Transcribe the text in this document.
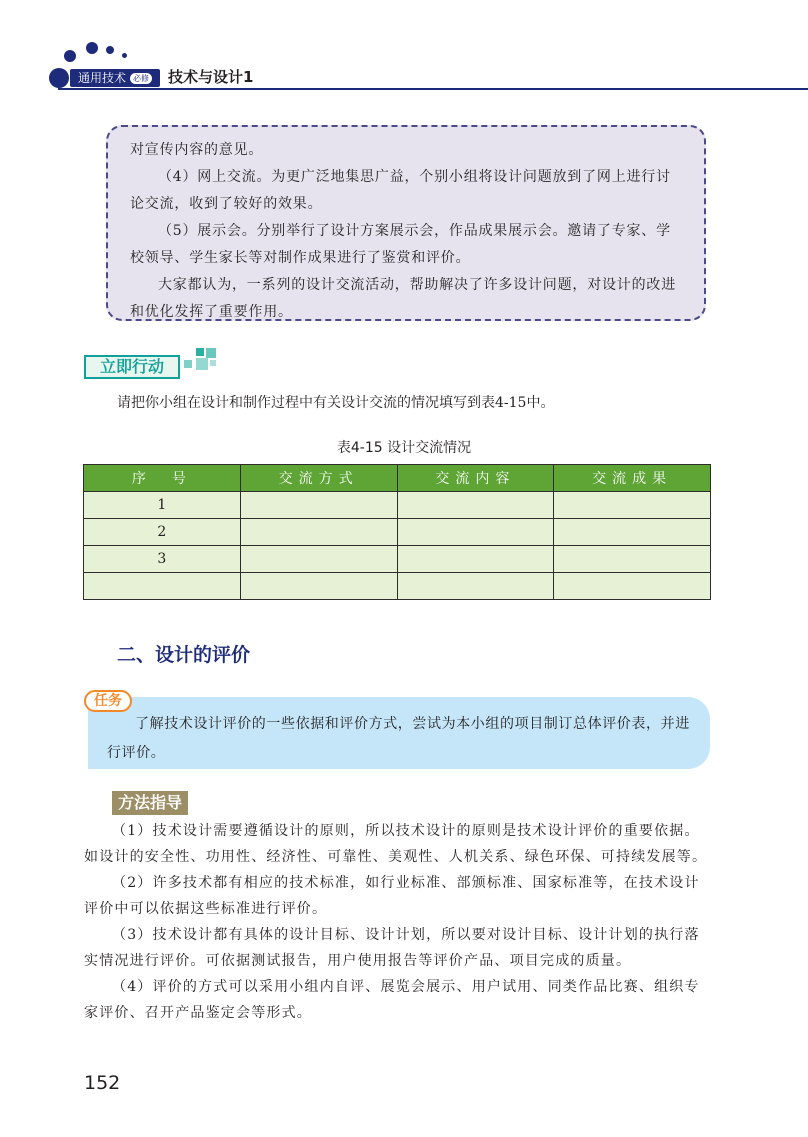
通用技术 必修 技术与设计1

对宣传内容的意见。

（4）网上交流。为更广泛地集思广益，个别小组将设计问题放到了网上进行讨论交流，收到了较好的效果。

（5）展示会。分别举行了设计方案展示会，作品成果展示会。邀请了专家、学校领导、学生家长等对制作成果进行了鉴赏和评价。

大家都认为，一系列的设计交流活动，帮助解决了许多设计问题，对设计的改进和优化发挥了重要作用。

立即行动
请把你小组在设计和制作过程中有关设计交流的情况填写到表4-15中。
表4-15 设计交流情况
序　号	交流方式	交流内容	交流成果
1			
2			
3			

二、设计的评价
任务

了解技术设计评价的一些依据和评价方式，尝试为本小组的项目制订总体评价表，并进行评价。

方法指导

（1）技术设计需要遵循设计的原则，所以技术设计的原则是技术设计评价的重要依据。如设计的安全性、功用性、经济性、可靠性、美观性、人机关系、绿色环保、可持续发展等。

（2）许多技术都有相应的技术标准，如行业标准、部颁标准、国家标准等，在技术设计评价中可以依据这些标准进行评价。

（3）技术设计都有具体的设计目标、设计计划，所以要对设计目标、设计计划的执行落实情况进行评价。可依据测试报告，用户使用报告等评价产品、项目完成的质量。

（4）评价的方式可以采用小组内自评、展览会展示、用户试用、同类作品比赛、组织专家评价、召开产品鉴定会等形式。

152
